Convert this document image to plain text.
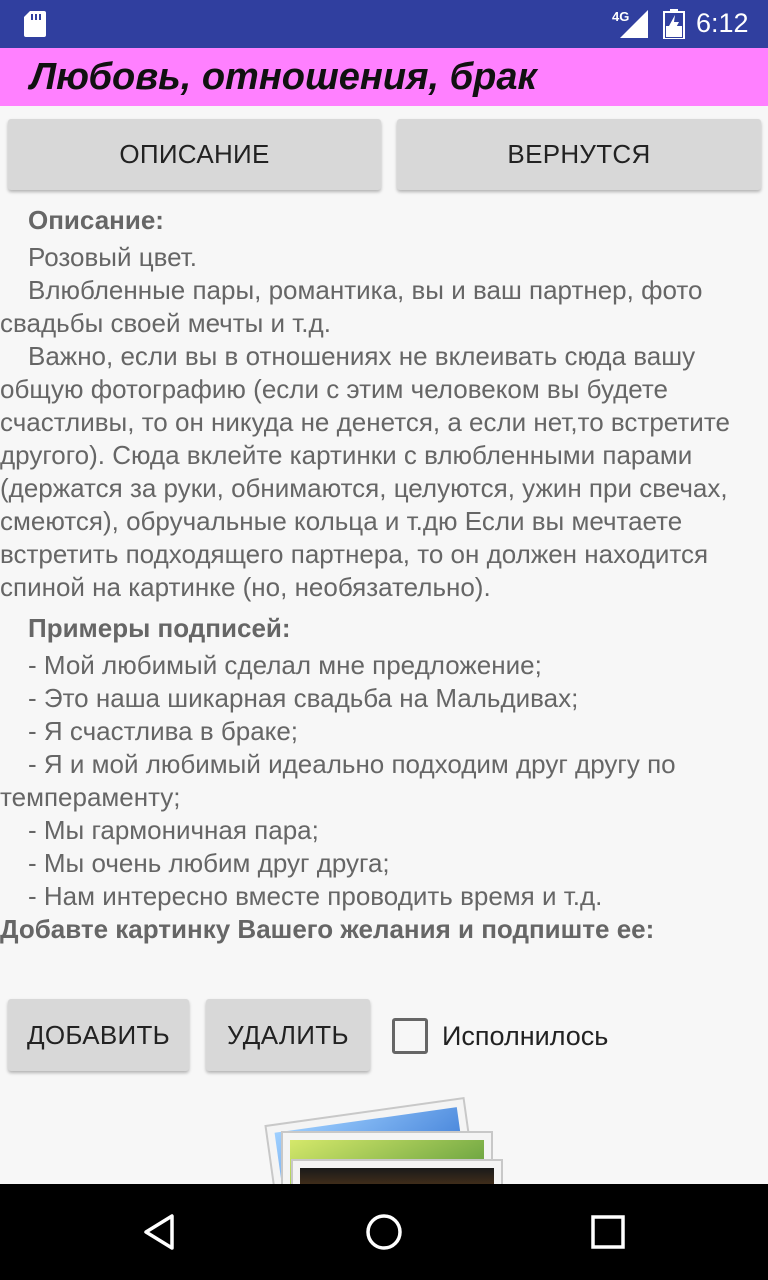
4G 6:12
Любовь, отношения, брак
ОПИСАНИЕ	ВЕРНУТСЯ

Описание:

Розовый цвет.

Влюбленные пары, романтика, вы и ваш партнер, фото свадьбы своей мечты и т.д.

Важно, если вы в отношениях не вклеивать сюда вашу общую фотографию (если с этим человеком вы будете счастливы, то он никуда не денется, а если нет,то встретите другого). Сюда вклейте картинки с влюбленными парами (держатся за руки, обнимаются, целуются, ужин при свечах, смеются), обручальные кольца и т.дю Если вы мечтаете встретить подходящего партнера, то он должен находится спиной на картинке (но, необязательно).

Примеры подписей:

- Мой любимый сделал мне предложение;

- Это наша шикарная свадьба на Мальдивах;

- Я счастлива в браке;

- Я и мой любимый идеально подходим друг другу по темпераменту;

- Мы гармоничная пара;

- Мы очень любим друг друга;

- Нам интересно вместе проводить время и т.д.

Добавте картинку Вашего желания и подпиште ее:

ДОБАВИТЬ	УДАЛИТЬ	Исполнилось
